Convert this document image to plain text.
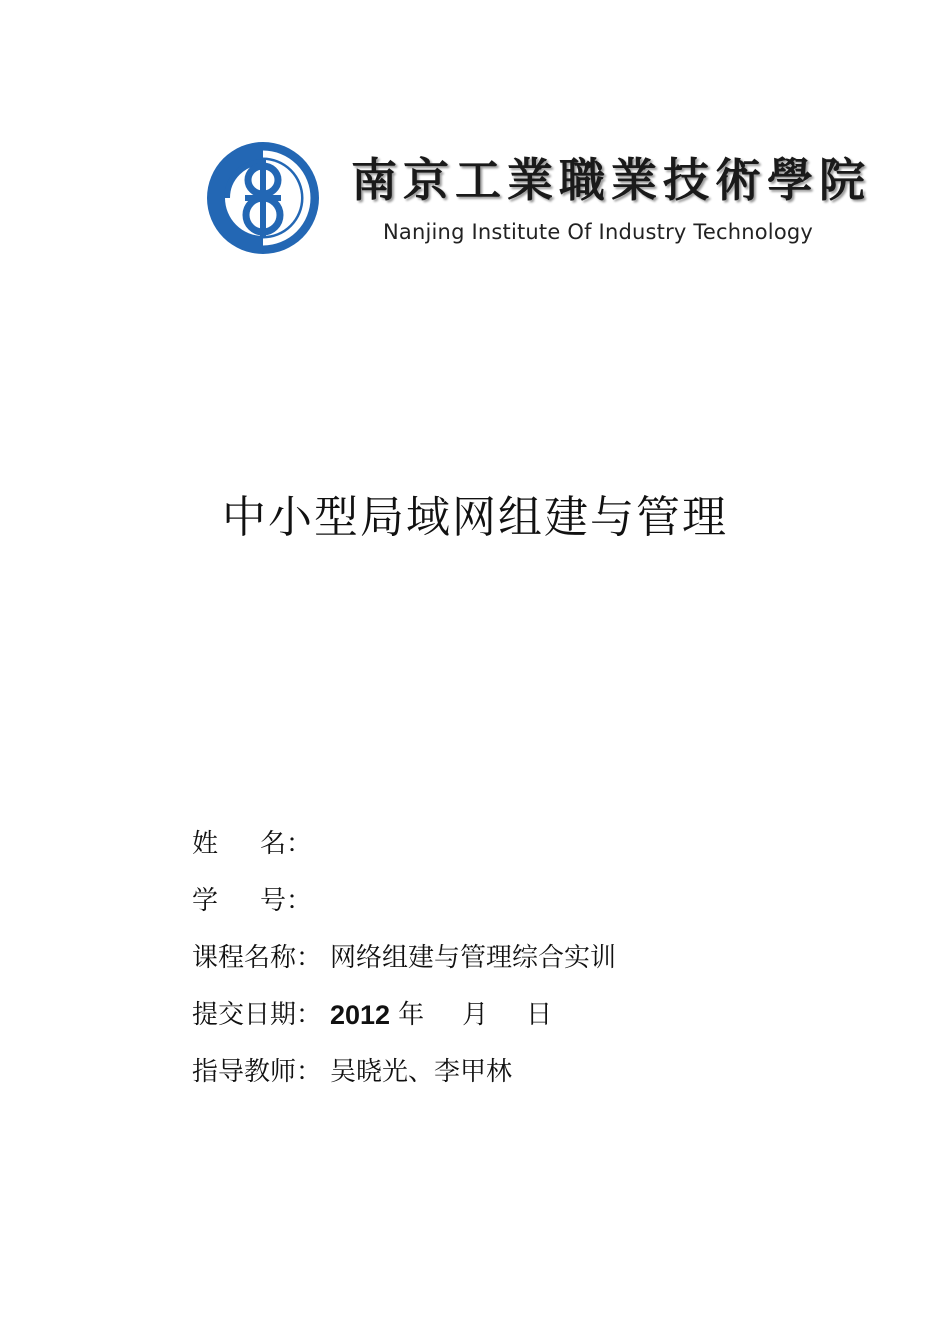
南京工業職業技術學院
Nanjing Institute Of Industry Technology
中小型局域网组建与管理
姓 名：
学 号：
课程名称： 网络组建与管理综合实训
提交日期： 2012 年 月 日
指导教师： 吴晓光、李甲林
